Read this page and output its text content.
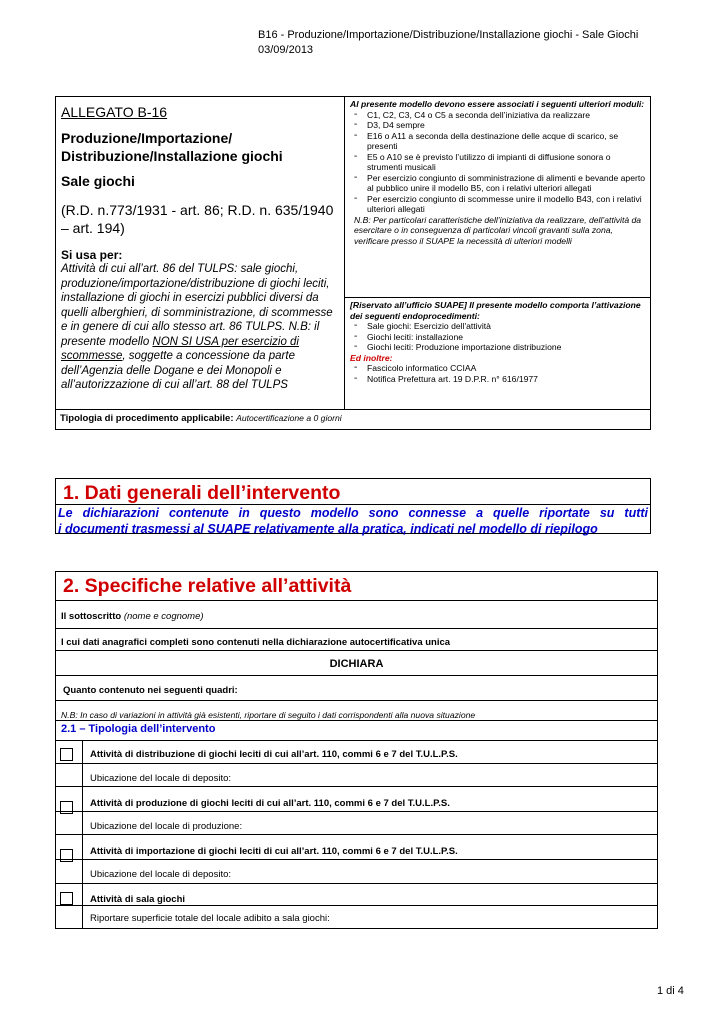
B16 - Produzione/Importazione/Distribuzione/Installazione giochi - Sale Giochi
03/09/2013
ALLEGATO B-16
Produzione/Importazione/ Distribuzione/Installazione giochi
Sale giochi
(R.D. n.773/1931 - art. 86; R.D. n. 635/1940 – art. 194)
Si usa per:
Attività di cui all’art. 86 del TULPS: sale giochi, produzione/importazione/distribuzione di giochi leciti, installazione di giochi in esercizi pubblici diversi da quelli alberghieri, di somministrazione, di scommesse e in genere di cui allo stesso art. 86 TULPS. N.B: il presente modello NON SI USA per esercizio di scommesse, soggette a concessione da parte dell’Agenzia delle Dogane e dei Monopoli e all’autorizzazione di cui all’art. 88 del TULPS
Al presente modello devono essere associati i seguenti ulteriori moduli:
- C1, C2, C3, C4 o C5 a seconda dell’iniziativa da realizzare
- D3, D4 sempre
- E16 o A11 a seconda della destinazione delle acque di scarico, se presenti
- E5 o A10 se è previsto l’utilizzo di impianti di diffusione sonora o strumenti musicali
- Per esercizio congiunto di somministrazione di alimenti e bevande aperto al pubblico unire il modello B5, con i relativi ulteriori allegati
- Per esercizio congiunto di scommesse unire il modello B43, con i relativi ulteriori allegati
N.B: Per particolari caratteristiche dell’iniziativa da realizzare, dell’attività da esercitare o in conseguenza di particolari vincoli gravanti sulla zona, verificare presso il SUAPE la necessità di ulteriori modelli
[Riservato all’ufficio SUAPE] Il presente modello comporta l’attivazione dei seguenti endoprocedimenti:
- Sale giochi: Esercizio dell'attività
- Giochi leciti: installazione
- Giochi leciti: Produzione importazione distribuzione
Ed inoltre:
- Fascicolo informatico CCIAA
- Notifica Prefettura art. 19 D.P.R. n° 616/1977
Tipologia di procedimento applicabile: Autocertificazione a 0 giorni
1. Dati generali dell’intervento
Le dichiarazioni contenute in questo modello sono connesse a quelle riportate su tutti
i documenti trasmessi al SUAPE relativamente alla pratica, indicati nel modello di riepilogo
2. Specifiche relative all’attività
Il sottoscritto (nome e cognome)
I cui dati anagrafici completi sono contenuti nella dichiarazione autocertificativa unica
DICHIARA
Quanto contenuto nei seguenti quadri:
N.B: In caso di variazioni in attività già esistenti, riportare di seguito i dati corrispondenti alla nuova situazione
2.1 – Tipologia dell’intervento
Attività di distribuzione di giochi leciti di cui all’art. 110, commi 6 e 7 del T.U.L.P.S.
Ubicazione del locale di deposito:
Attività di produzione di giochi leciti di cui all’art. 110, commi 6 e 7 del T.U.L.P.S.
Ubicazione del locale di produzione:
Attività di importazione di giochi leciti di cui all’art. 110, commi 6 e 7 del T.U.L.P.S.
Ubicazione del locale di deposito:
Attività di sala giochi
Riportare superficie totale del locale adibito a sala giochi:
1 di 4
